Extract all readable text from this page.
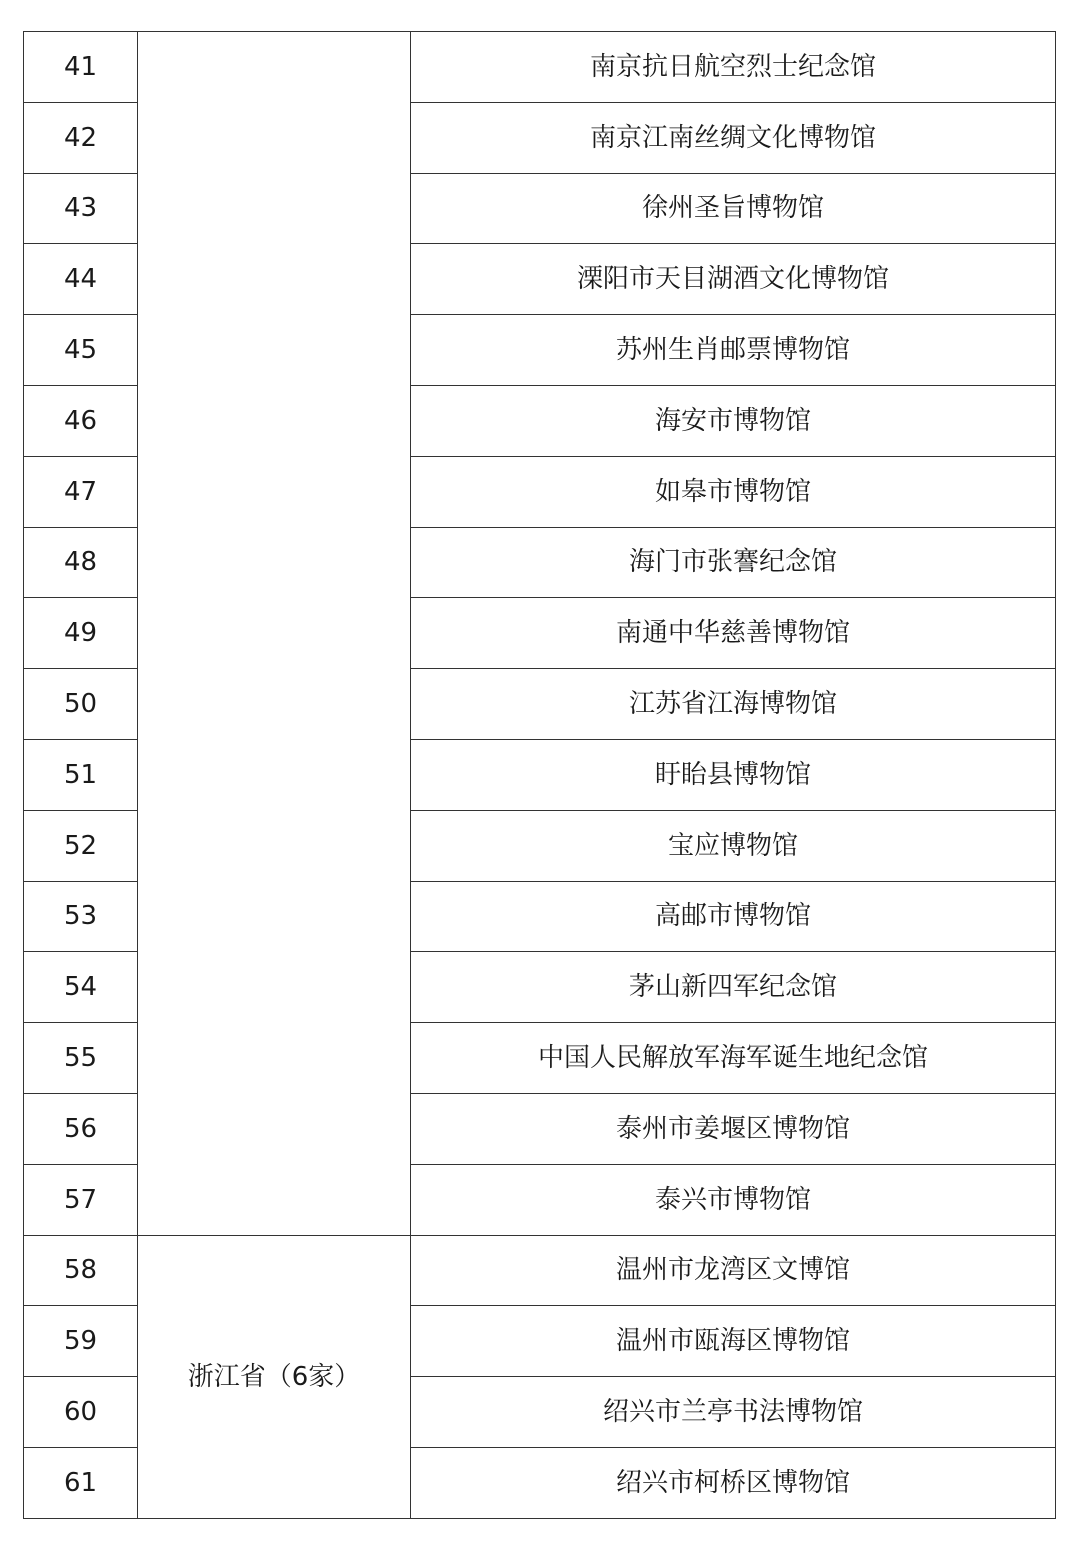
41		南京抗日航空烈士纪念馆
42		南京江南丝绸文化博物馆
43		徐州圣旨博物馆
44		溧阳市天目湖酒文化博物馆
45		苏州生肖邮票博物馆
46		海安市博物馆
47		如皋市博物馆
48		海门市张謇纪念馆
49		南通中华慈善博物馆
50		江苏省江海博物馆
51		盱眙县博物馆
52		宝应博物馆
53		高邮市博物馆
54		茅山新四军纪念馆
55		中国人民解放军海军诞生地纪念馆
56		泰州市姜堰区博物馆
57		泰兴市博物馆
58	浙江省（6家）	温州市龙湾区文博馆
59		温州市瓯海区博物馆
60		绍兴市兰亭书法博物馆
61		绍兴市柯桥区博物馆
